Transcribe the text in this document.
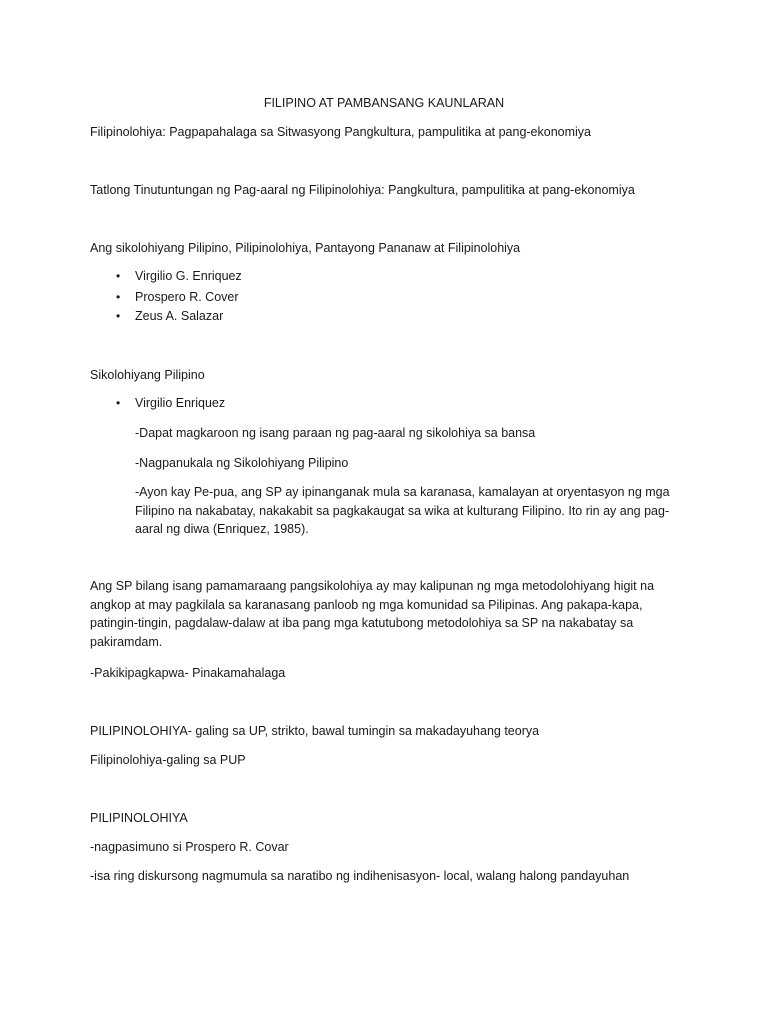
FILIPINO AT PAMBANSANG KAUNLARAN
Filipinolohiya: Pagpapahalaga sa Sitwasyong Pangkultura, pampulitika at pang-ekonomiya
Tatlong Tinutuntungan ng Pag-aaral ng Filipinolohiya: Pangkultura, pampulitika at pang-ekonomiya
Ang sikolohiyang Pilipino, Pilipinolohiya, Pantayong Pananaw at Filipinolohiya
• Virgilio G. Enriquez
• Prospero R. Cover
• Zeus A. Salazar
Sikolohiyang Pilipino
• Virgilio Enriquez
-Dapat magkaroon ng isang paraan ng pag-aaral ng sikolohiya sa bansa
-Nagpanukala ng Sikolohiyang Pilipino
-Ayon kay Pe-pua, ang SP ay ipinanganak mula sa karanasa, kamalayan at oryentasyon ng mga Filipino na nakabatay, nakakabit sa pagkakaugat sa wika at kulturang Filipino. Ito rin ay ang pag-aaral ng diwa (Enriquez, 1985).
Ang SP bilang isang pamamaraang pangsikolohiya ay may kalipunan ng mga metodolohiyang higit na angkop at may pagkilala sa karanasang panloob ng mga komunidad sa Pilipinas. Ang pakapa-kapa, patingin-tingin, pagdalaw-dalaw at iba pang mga katutubong metodolohiya sa SP na nakabatay sa pakiramdam.
-Pakikipagkapwa- Pinakamahalaga
PILIPINOLOHIYA- galing sa UP, strikto, bawal tumingin sa makadayuhang teorya
Filipinolohiya-galing sa PUP
PILIPINOLOHIYA
-nagpasimuno si Prospero R. Covar
-isa ring diskursong nagmumula sa naratibo ng indihenisasyon- local, walang halong pandayuhan
